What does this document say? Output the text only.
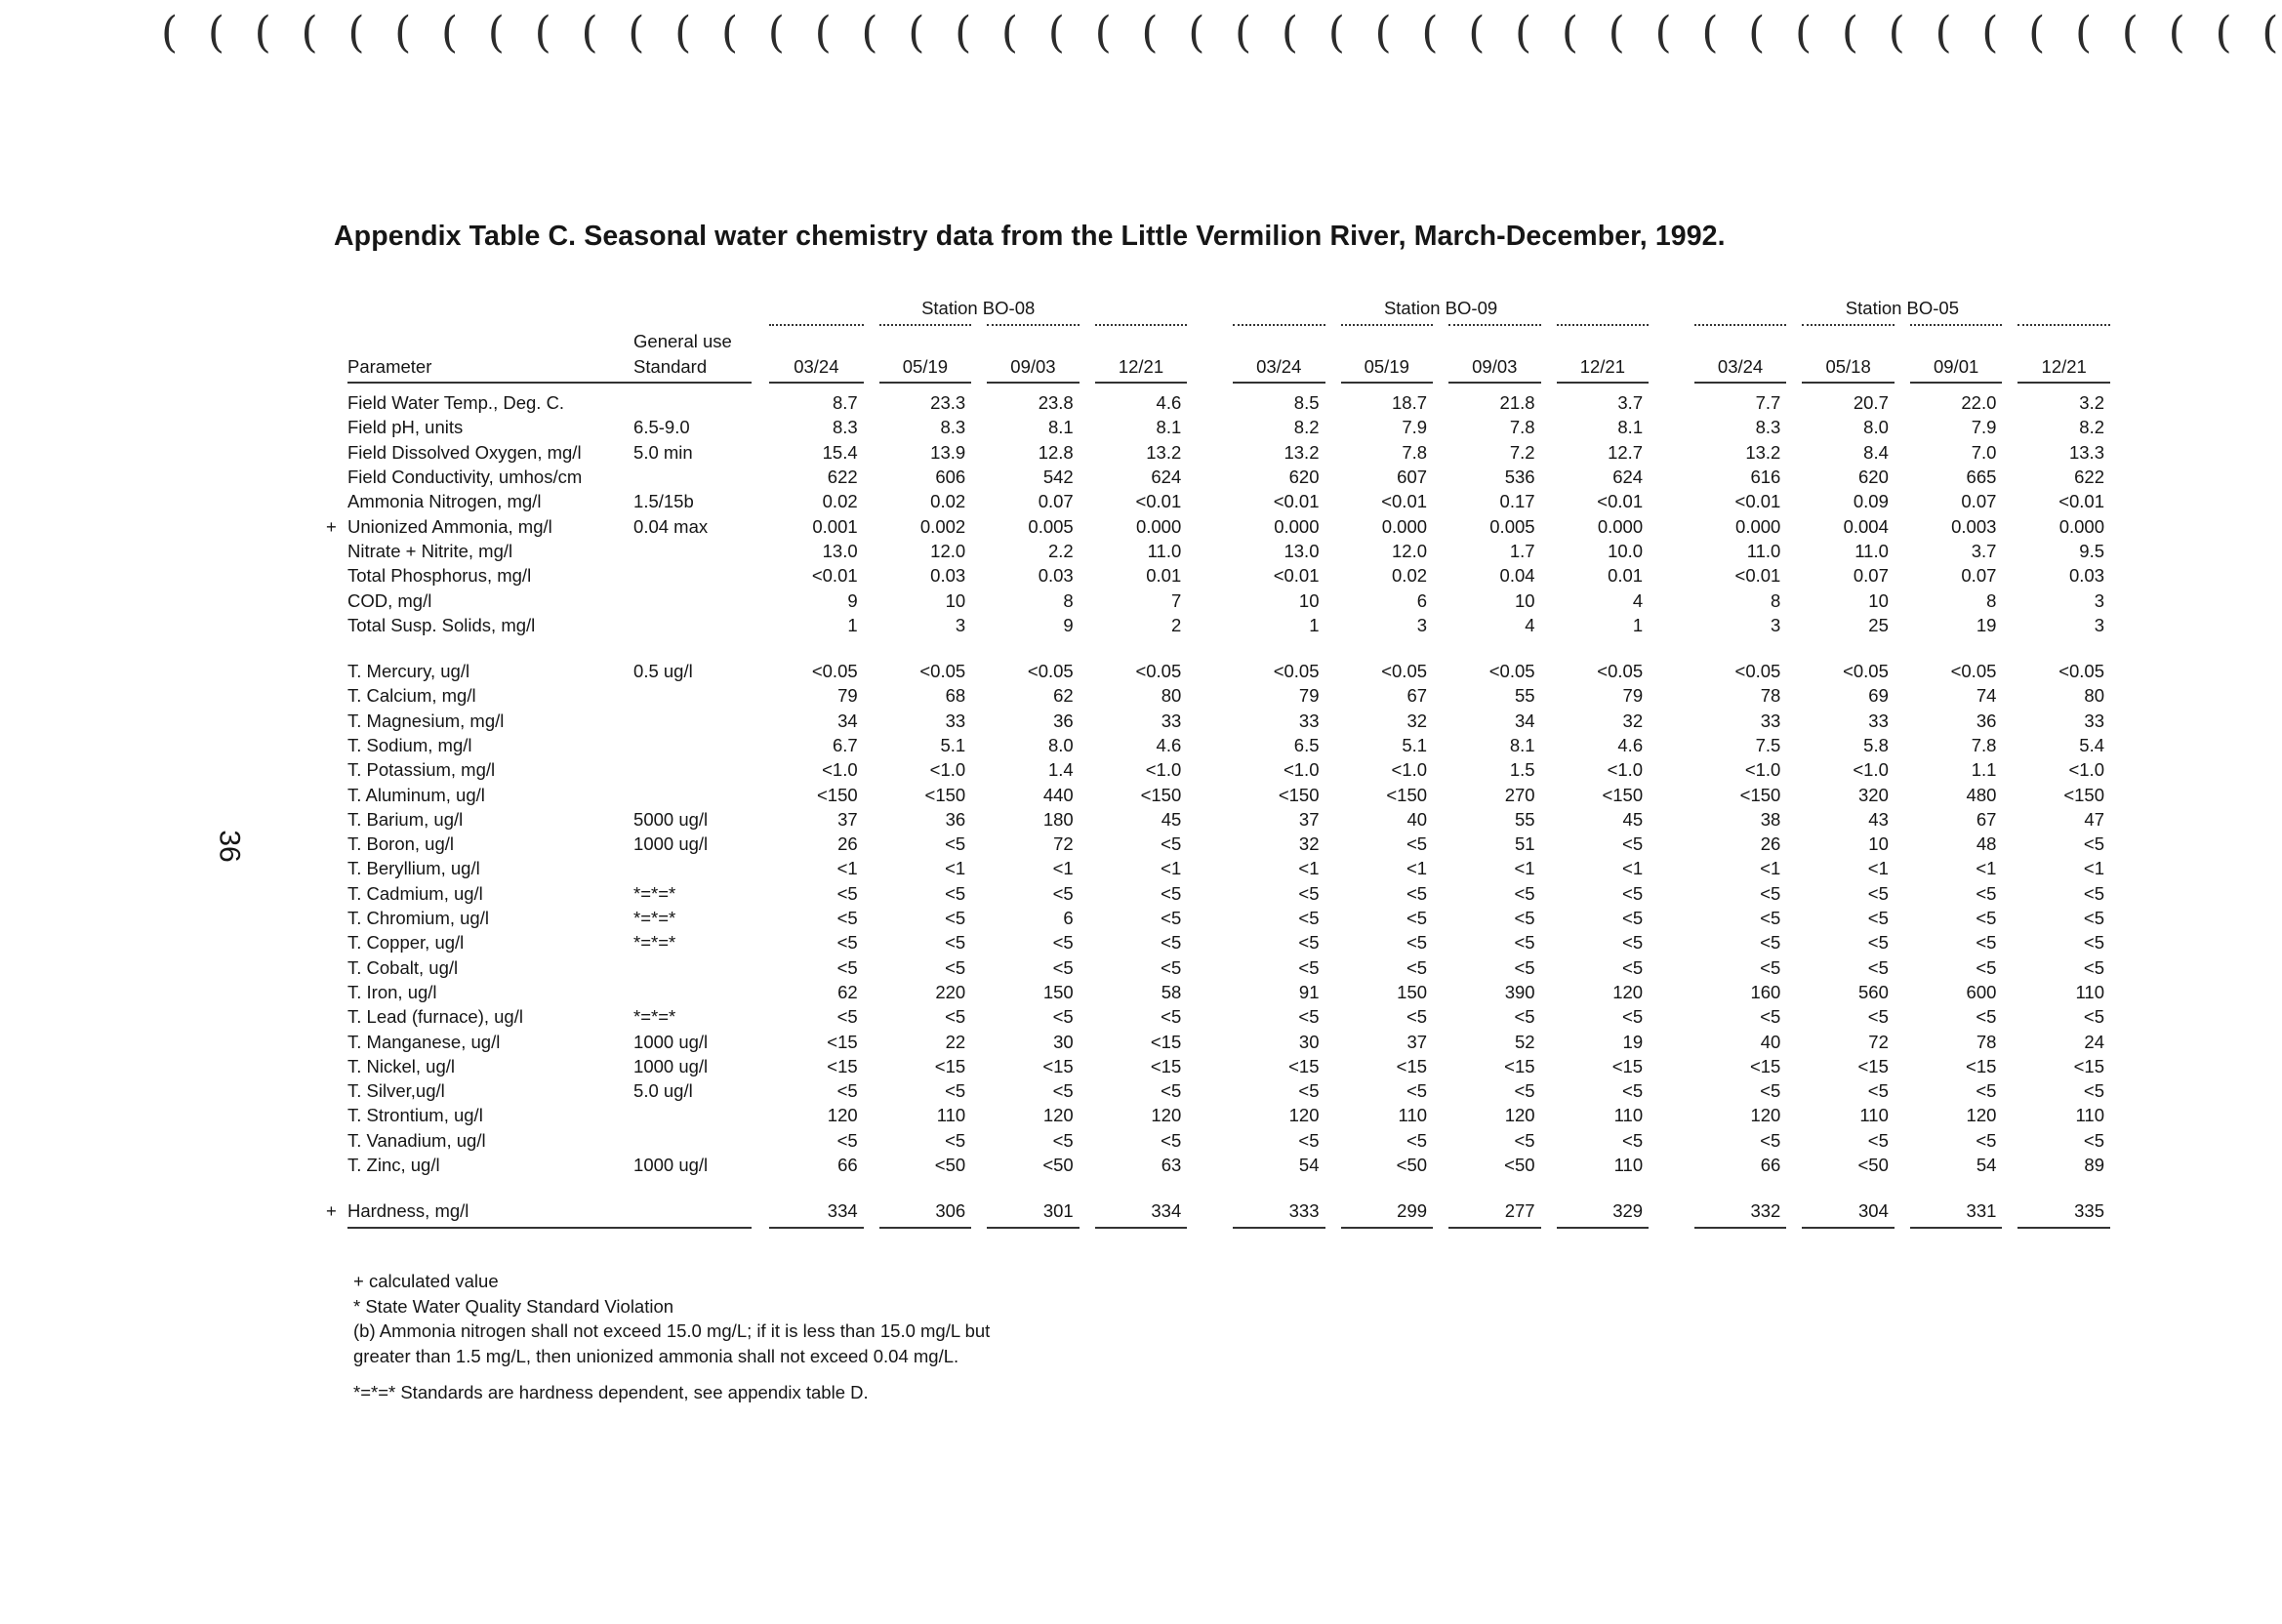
( ( ( ( ( ( ( ( ( ( ( ( ( ( ( ( ( ( ( ( ( ( ( ( ( ( ( ( ( ( ( ( ( ( ( ( ( ( ( ( ( ( ( ( ( (
36
Appendix Table C. Seasonal water chemistry data from the Little Vermilion River, March-December, 1992.
		Station BO-08					Station BO-09					Station BO-05			

	General use														
Parameter	Standard	03/24	05/19	09/03	12/21		03/24	05/19	09/03	12/21		03/24	05/18	09/01	12/21

Field Water Temp., Deg. C.		8.7	23.3	23.8	4.6		8.5	18.7	21.8	3.7		7.7	20.7	22.0	3.2
Field pH, units	6.5-9.0	8.3	8.3	8.1	8.1		8.2	7.9	7.8	8.1		8.3	8.0	7.9	8.2
Field Dissolved Oxygen, mg/l	5.0 min	15.4	13.9	12.8	13.2		13.2	7.8	7.2	12.7		13.2	8.4	7.0	13.3
Field Conductivity, umhos/cm		622	606	542	624		620	607	536	624		616	620	665	622
Ammonia Nitrogen, mg/l	1.5/15b	0.02	0.02	0.07	<0.01		<0.01	<0.01	0.17	<0.01		<0.01	0.09	0.07	<0.01

+ Unionized Ammonia, mg/l	0.04 max	0.001	0.002	0.005	0.000		0.000	0.000	0.005	0.000		0.000	0.004	0.003	0.000
Nitrate + Nitrite, mg/l		13.0	12.0	2.2	11.0		13.0	12.0	1.7	10.0		11.0	11.0	3.7	9.5
Total Phosphorus, mg/l		<0.01	0.03	0.03	0.01		<0.01	0.02	0.04	0.01		<0.01	0.07	0.07	0.03
COD, mg/l		9	10	8	7		10	6	10	4		8	10	8	3
Total Susp. Solids, mg/l		1	3	9	2		1	3	4	1		3	25	19	3

T. Mercury, ug/l	0.5 ug/l	<0.05	<0.05	<0.05	<0.05		<0.05	<0.05	<0.05	<0.05		<0.05	<0.05	<0.05	<0.05
T. Calcium, mg/l		79	68	62	80		79	67	55	79		78	69	74	80
T. Magnesium, mg/l		34	33	36	33		33	32	34	32		33	33	36	33
T. Sodium, mg/l		6.7	5.1	8.0	4.6		6.5	5.1	8.1	4.6		7.5	5.8	7.8	5.4
T. Potassium, mg/l		<1.0	<1.0	1.4	<1.0		<1.0	<1.0	1.5	<1.0		<1.0	<1.0	1.1	<1.0
T. Aluminum, ug/l		<150	<150	440	<150		<150	<150	270	<150		<150	320	480	<150
T. Barium, ug/l	5000 ug/l	37	36	180	45		37	40	55	45		38	43	67	47
T. Boron, ug/l	1000 ug/l	26	<5	72	<5		32	<5	51	<5		26	10	48	<5
T. Beryllium, ug/l		<1	<1	<1	<1		<1	<1	<1	<1		<1	<1	<1	<1
T. Cadmium, ug/l	*=*=*	<5	<5	<5	<5		<5	<5	<5	<5		<5	<5	<5	<5
T. Chromium, ug/l	*=*=*	<5	<5	6	<5		<5	<5	<5	<5		<5	<5	<5	<5
T. Copper, ug/l	*=*=*	<5	<5	<5	<5		<5	<5	<5	<5		<5	<5	<5	<5
T. Cobalt, ug/l		<5	<5	<5	<5		<5	<5	<5	<5		<5	<5	<5	<5
T. Iron, ug/l		62	220	150	58		91	150	390	120		160	560	600	110
T. Lead (furnace), ug/l	*=*=*	<5	<5	<5	<5		<5	<5	<5	<5		<5	<5	<5	<5
T. Manganese, ug/l	1000 ug/l	<15	22	30	<15		30	37	52	19		40	72	78	24
T. Nickel, ug/l	1000 ug/l	<15	<15	<15	<15		<15	<15	<15	<15		<15	<15	<15	<15
T. Silver,ug/l	5.0 ug/l	<5	<5	<5	<5		<5	<5	<5	<5		<5	<5	<5	<5
T. Strontium, ug/l		120	110	120	120		120	110	120	110		120	110	120	110
T. Vanadium, ug/l		<5	<5	<5	<5		<5	<5	<5	<5		<5	<5	<5	<5
T. Zinc, ug/l	1000 ug/l	66	<50	<50	63		54	<50	<50	110		66	<50	54	89

+ Hardness, mg/l		334	306	301	334		333	299	277	329		332	304	331	335

+ calculated value
* State Water Quality Standard Violation
(b) Ammonia nitrogen shall not exceed 15.0 mg/L; if it is less than 15.0 mg/L but
greater than 1.5 mg/L, then unionized ammonia shall not exceed 0.04 mg/L.
*=*=* Standards are hardness dependent, see appendix table D.
